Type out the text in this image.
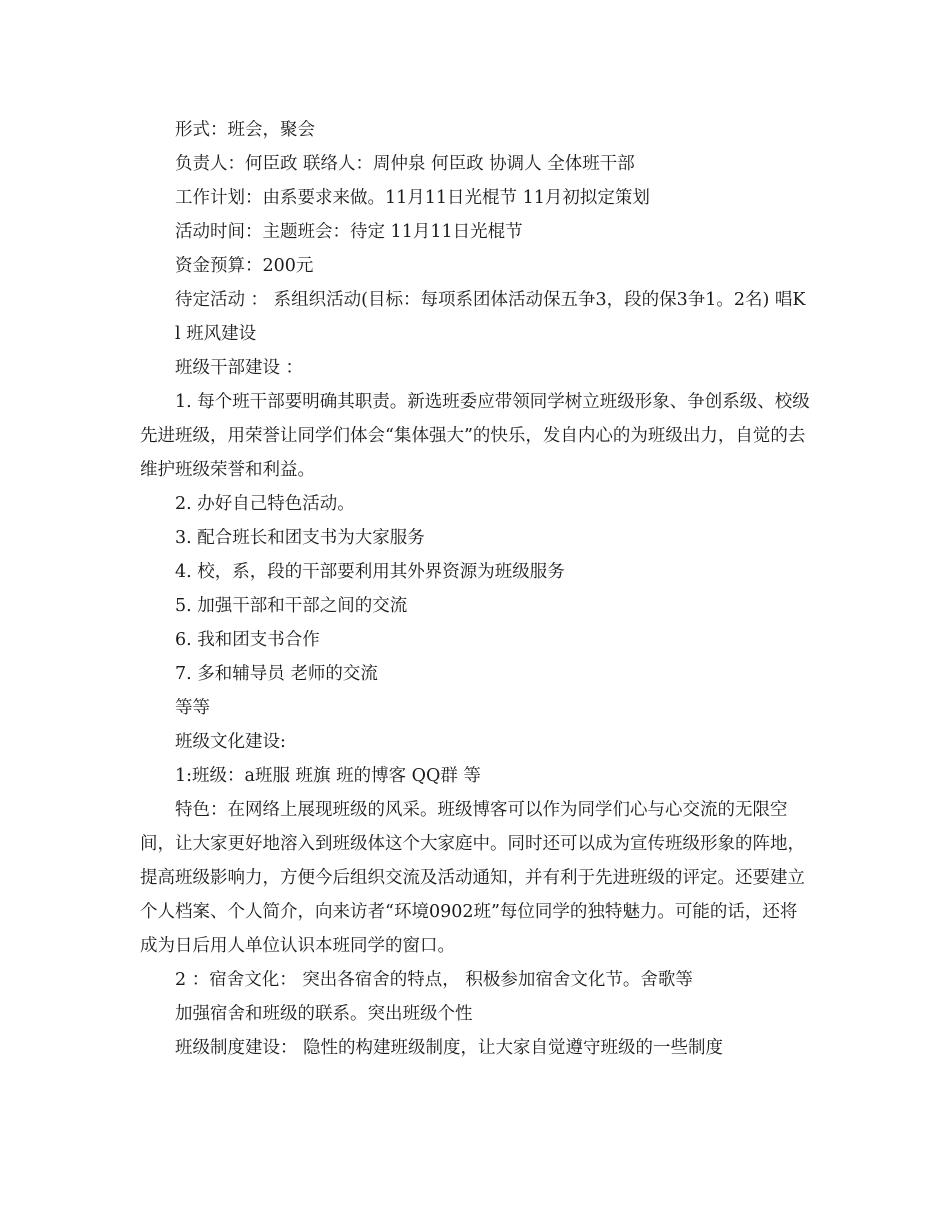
形式：班会，聚会

负责人：何臣政 联络人：周仲泉 何臣政 协调人 全体班干部

工作计划：由系要求来做。11月11日光棍节 11月初拟定策划

活动时间：主题班会：待定 11月11日光棍节

资金预算：200元

待定活动 ： 系组织活动(目标：每项系团体活动保五争3，段的保3争1。2名) 唱K

l 班风建设

班级干部建设 ：

1. 每个班干部要明确其职责。新选班委应带领同学树立班级形象、争创系级、校级先进班级，用荣誉让同学们体会“集体强大”的快乐，发自内心的为班级出力，自觉的去维护班级荣誉和利益。

2. 办好自己特色活动。

3. 配合班长和团支书为大家服务

4. 校，系，段的干部要利用其外界资源为班级服务

5. 加强干部和干部之间的交流

6. 我和团支书合作

7. 多和辅导员 老师的交流

等等

班级文化建设:

1:班级：a班服 班旗 班的博客 QQ群 等

特色：在网络上展现班级的风采。班级博客可以作为同学们心与心交流的无限空间，让大家更好地溶入到班级体这个大家庭中。同时还可以成为宣传班级形象的阵地，提高班级影响力，方便今后组织交流及活动通知，并有利于先进班级的评定。还要建立个人档案、个人简介，向来访者“环境0902班”每位同学的独特魅力。可能的话，还将成为日后用人单位认识本班同学的窗口。

2 ：宿舍文化： 突出各宿舍的特点， 积极参加宿舍文化节。舍歌等

加强宿舍和班级的联系。突出班级个性

班级制度建设： 隐性的构建班级制度，让大家自觉遵守班级的一些制度
